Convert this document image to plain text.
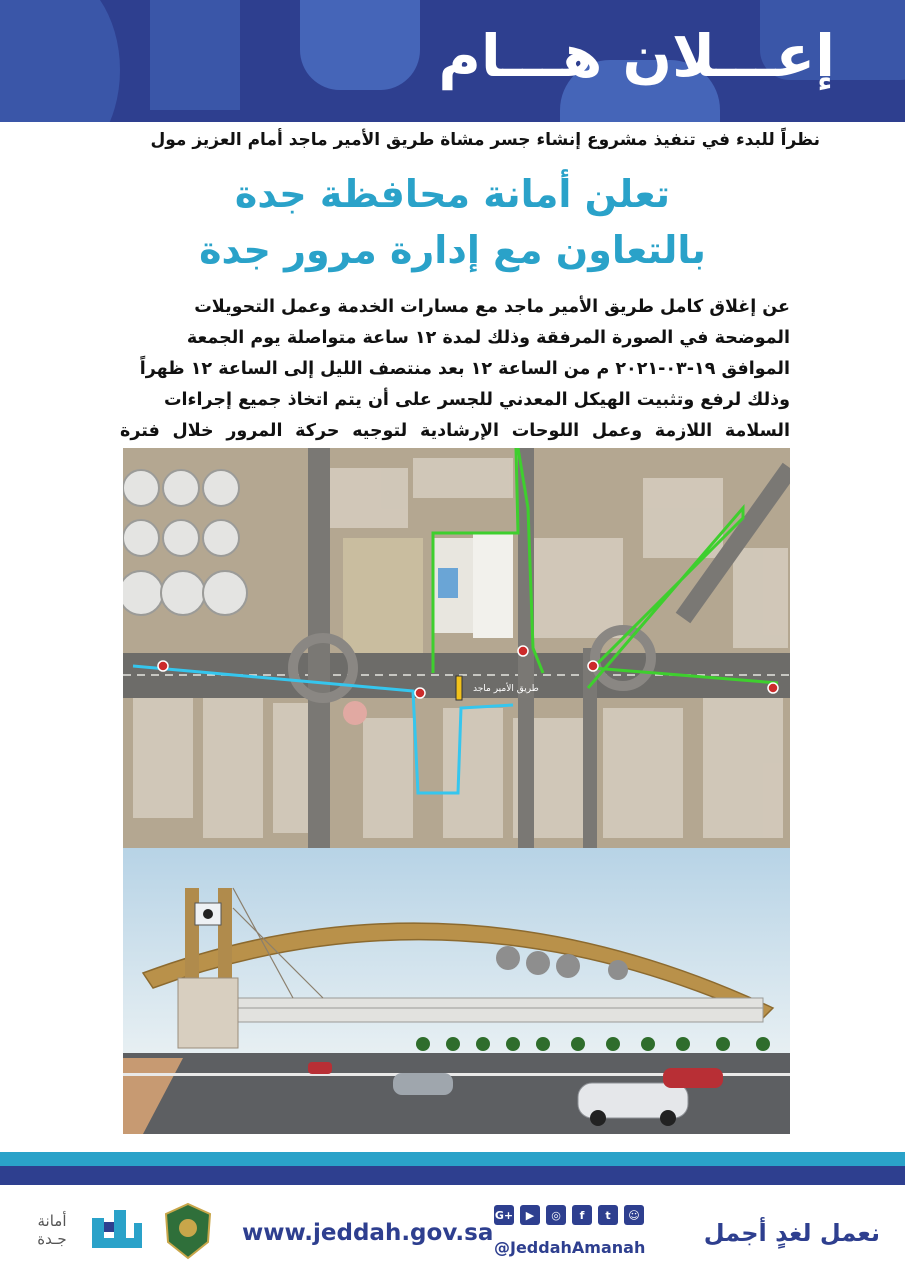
إعـــلان هـــام
نظراً للبدء في تنفيذ مشروع إنشاء جسر مشاة طريق الأمير ماجد أمام العزيز مول
تعلن أمانة محافظة جدة
بالتعاون مع إدارة مرور جدة
عن إغلاق كامل طريق الأمير ماجد مع مسارات الخدمة وعمل التحويلات
الموضحة في الصورة المرفقة وذلك لمدة ١٢ ساعة متواصلة يوم الجمعة
الموافق ١٩-٠٣-٢٠٢١ م من الساعة ١٢ بعد منتصف الليل إلى الساعة ١٢ ظهراً
وذلك لرفع وتثبيت الهيكل المعدني للجسر على أن يتم اتخاذ جميع إجراءات
السلامة اللازمة وعمل اللوحات الإرشادية لتوجيه حركة المرور خلال فترة
طريق الأمير ماجد
أمانة
جـدة	www.jeddah.gov.sa
G+	▶	◎	f	t	☺
@JeddahAmanah
نعمل لغدٍ أجمل
